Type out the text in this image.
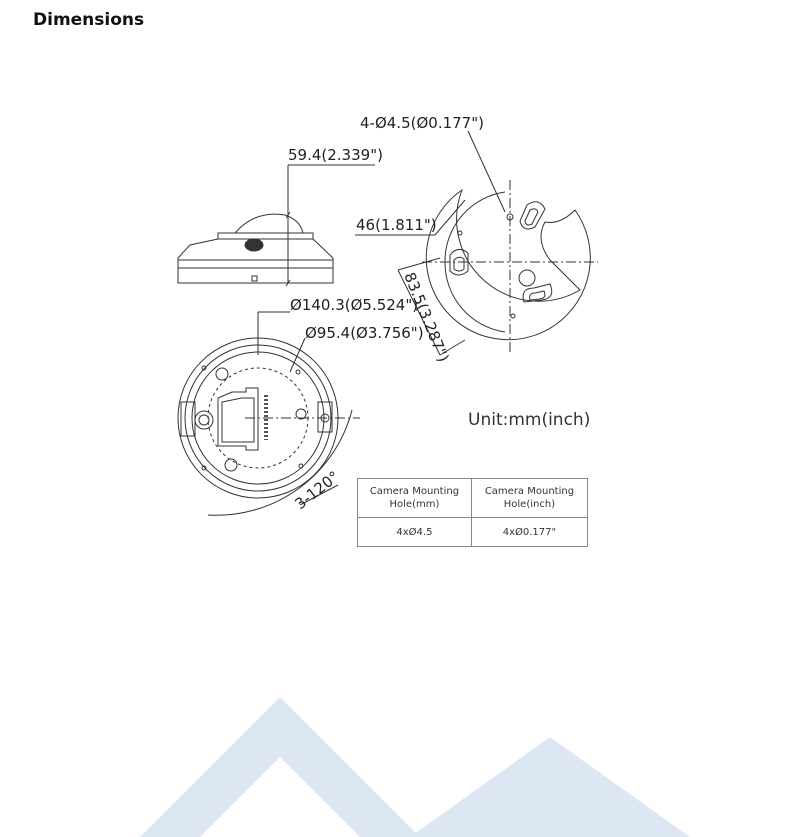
Dimensions
59.4(2.339")
4-Ø4.5(Ø0.177")
46(1.811")
83.5(3.287")
Ø140.3(Ø5.524")
Ø95.4(Ø3.756")
3-120°
Unit:mm(inch)
Camera Mounting Hole(mm)	Camera Mounting Hole(inch)
4xØ4.5	4xØ0.177"
